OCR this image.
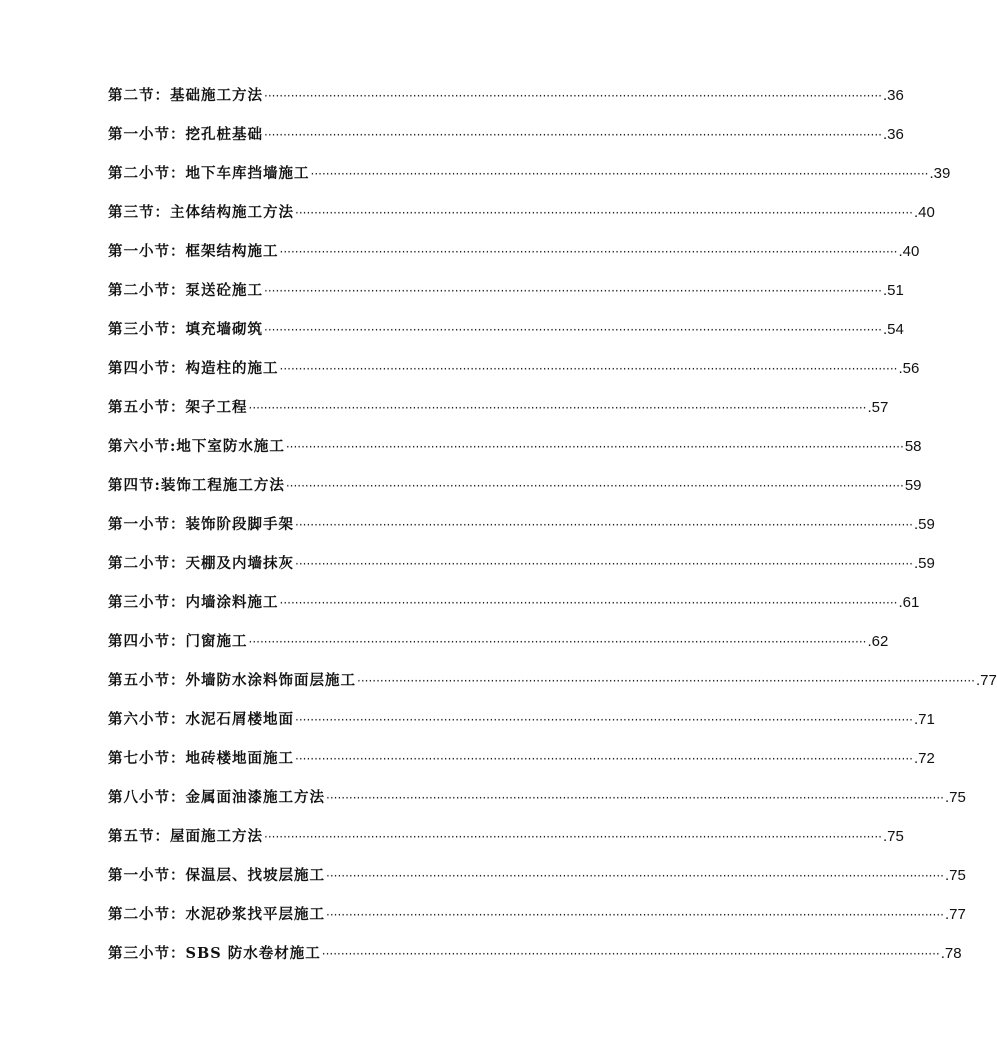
第二节：基础施工方法 ·································································································································································· .36
第一小节：挖孔桩基础 ·································································································································································· .36
第二小节：地下车库挡墙施工 ·································································································································································· .39
第三节：主体结构施工方法 ·································································································································································· .40
第一小节：框架结构施工 ·································································································································································· .40
第二小节：泵送砼施工 ·································································································································································· .51
第三小节：填充墙砌筑 ·································································································································································· .54
第四小节：构造柱的施工 ·································································································································································· .56
第五小节：架子工程 ·································································································································································· .57
第六小节:地下室防水施工 ·································································································································································· 58
第四节:装饰工程施工方法 ·································································································································································· 59
第一小节：装饰阶段脚手架 ·································································································································································· .59
第二小节：天棚及内墙抹灰 ·································································································································································· .59
第三小节：内墙涂料施工 ·································································································································································· .61
第四小节：门窗施工 ·································································································································································· .62
第五小节：外墙防水涂料饰面层施工 ·································································································································································· .77
第六小节：水泥石屑楼地面 ·································································································································································· .71
第七小节：地砖楼地面施工 ·································································································································································· .72
第八小节：金属面油漆施工方法 ·································································································································································· .75
第五节：屋面施工方法 ·································································································································································· .75
第一小节：保温层、找坡层施工 ·································································································································································· .75
第二小节：水泥砂浆找平层施工 ·································································································································································· .77
第三小节：SBS 防水卷材施工 ·································································································································································· .78
